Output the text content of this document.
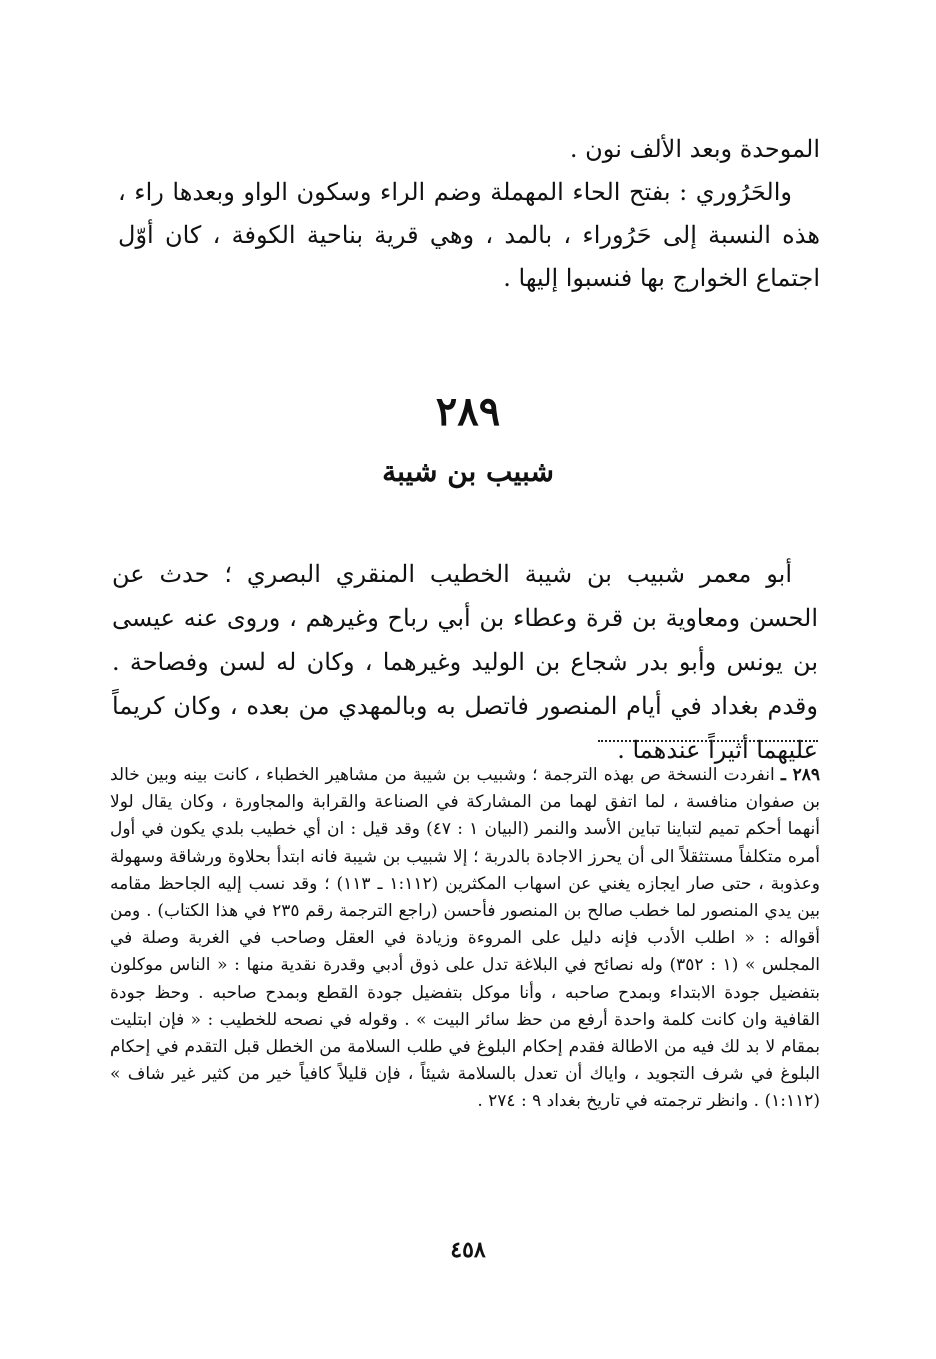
الموحدة وبعد الألف نون .

والحَرُوري : بفتح الحاء المهملة وضم الراء وسكون الواو وبعدها راء ، هذه النسبة إلى حَرُوراء ، بالمد ، وهي قرية بناحية الكوفة ، كان أوّل اجتماع الخوارج بها فنسبوا إليها .

٢٨٩
شبيب بن شيبة

أبو معمر شبيب بن شيبة الخطيب المنقري البصري ؛ حدث عن الحسن ومعاوية بن قرة وعطاء بن أبي رباح وغيرهم ، وروى عنه عيسى بن يونس وأبو بدر شجاع بن الوليد وغيرهما ، وكان له لسن وفصاحة . وقدم بغداد في أيام المنصور فاتصل به وبالمهدي من بعده ، وكان كريماً عليهما أثيراً عندهما .

٢٨٩ ـ انفردت النسخة ص بهذه الترجمة ؛ وشبيب بن شيبة من مشاهير الخطباء ، كانت بينه وبين خالد بن صفوان منافسة ، لما اتفق لهما من المشاركة في الصناعة والقرابة والمجاورة ، وكان يقال لولا أنهما أحكم تميم لتباينا تباين الأسد والنمر (البيان ١ : ٤٧) وقد قيل : ان أي خطيب بلدي يكون في أول أمره متكلفاً مستثقلاً الى أن يحرز الاجادة بالدربة ؛ إلا شبيب بن شيبة فانه ابتدأ بحلاوة ورشاقة وسهولة وعذوبة ، حتى صار ايجازه يغني عن اسهاب المكثرين (١:١١٢ ـ ١١٣) ؛ وقد نسب إليه الجاحظ مقامه بين يدي المنصور لما خطب صالح بن المنصور فأحسن (راجع الترجمة رقم ٢٣٥ في هذا الكتاب) . ومن أقواله : « اطلب الأدب فإنه دليل على المروءة وزيادة في العقل وصاحب في الغربة وصلة في المجلس » (١ : ٣٥٢) وله نصائح في البلاغة تدل على ذوق أدبي وقدرة نقدية منها : « الناس موكلون بتفضيل جودة الابتداء وبمدح صاحبه ، وأنا موكل بتفضيل جودة القطع وبمدح صاحبه . وحظ جودة القافية وان كانت كلمة واحدة أرفع من حظ سائر البيت » . وقوله في نصحه للخطيب : « فإن ابتليت بمقام لا بد لك فيه من الاطالة فقدم إحكام البلوغ في طلب السلامة من الخطل قبل التقدم في إحكام البلوغ في شرف التجويد ، واياك أن تعدل بالسلامة شيئاً ، فإن قليلاً كافياً خير من كثير غير شاف » (١:١١٢) . وانظر ترجمته في تاريخ بغداد ٩ : ٢٧٤ .

٤٥٨
